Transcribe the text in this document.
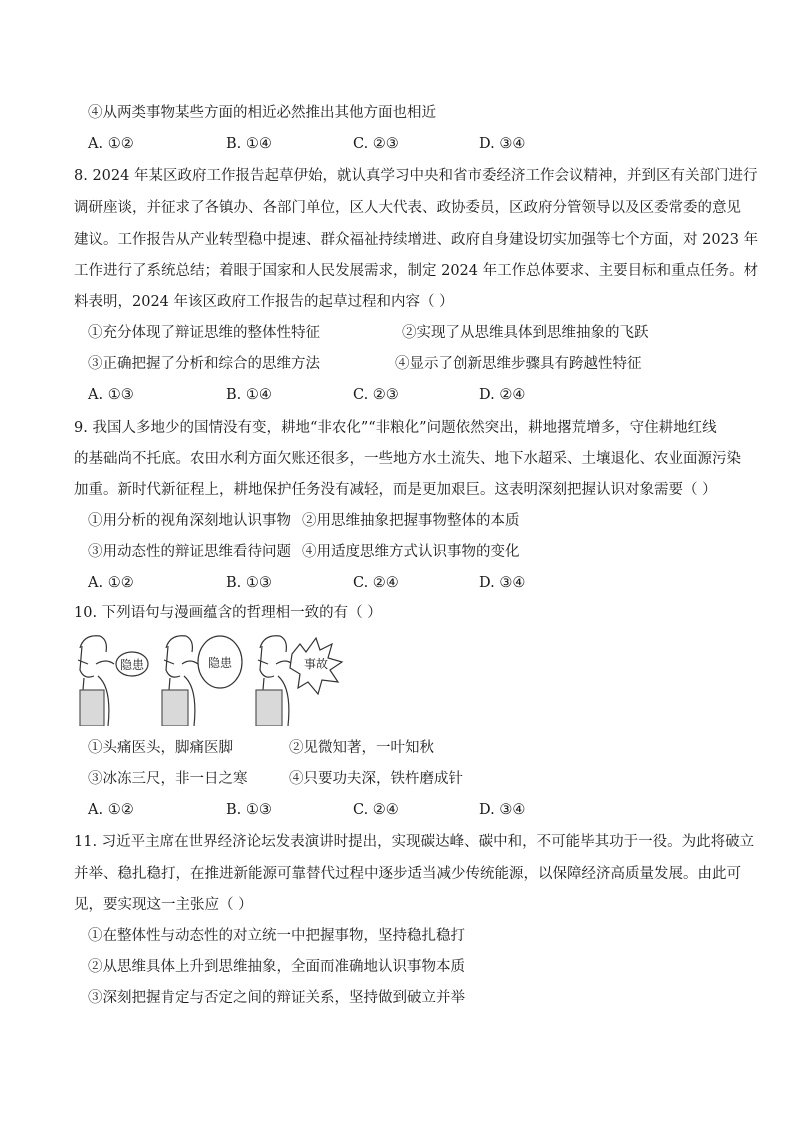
④从两类事物某些方面的相近必然推出其他方面也相近
A. ①②	B. ①④	C. ②③	D. ③④
8. 2024 年某区政府工作报告起草伊始，就认真学习中央和省市委经济工作会议精神，并到区有关部门进行
调研座谈，并征求了各镇办、各部门单位，区人大代表、政协委员，区政府分管领导以及区委常委的意见
建议。工作报告从产业转型稳中提速、群众福祉持续增进、政府自身建设切实加强等七个方面，对 2023 年
工作进行了系统总结；着眼于国家和人民发展需求，制定 2024 年工作总体要求、主要目标和重点任务。材
料表明，2024 年该区政府工作报告的起草过程和内容（ ）
①充分体现了辩证思维的整体性特征	②实现了从思维具体到思维抽象的飞跃
③正确把握了分析和综合的思维方法	④显示了创新思维步骤具有跨越性特征
A. ①③	B. ①④	C. ②③	D. ②④
9. 我国人多地少的国情没有变，耕地“非农化”“非粮化”问题依然突出，耕地撂荒增多，守住耕地红线
的基础尚不托底。农田水利方面欠账还很多，一些地方水土流失、地下水超采、土壤退化、农业面源污染
加重。新时代新征程上，耕地保护任务没有减轻，而是更加艰巨。这表明深刻把握认识对象需要（ ）
①用分析的视角深刻地认识事物 ②用思维抽象把握事物整体的本质
③用动态性的辩证思维看待问题 ④用适度思维方式认识事物的变化
A. ①②	B. ①③	C. ②④	D. ③④
10. 下列语句与漫画蕴含的哲理相一致的有（ ）
隐患	隐患	事故
①头痛医头，脚痛医脚	②见微知著，一叶知秋
③冰冻三尺，非一日之寒	④只要功夫深，铁杵磨成针
A. ①②	B. ①③	C. ②④	D. ③④
11. 习近平主席在世界经济论坛发表演讲时提出，实现碳达峰、碳中和，不可能毕其功于一役。为此将破立
并举、稳扎稳打，在推进新能源可靠替代过程中逐步适当减少传统能源，以保障经济高质量发展。由此可
见，要实现这一主张应（ ）
①在整体性与动态性的对立统一中把握事物，坚持稳扎稳打
②从思维具体上升到思维抽象，全面而准确地认识事物本质
③深刻把握肯定与否定之间的辩证关系，坚持做到破立并举
